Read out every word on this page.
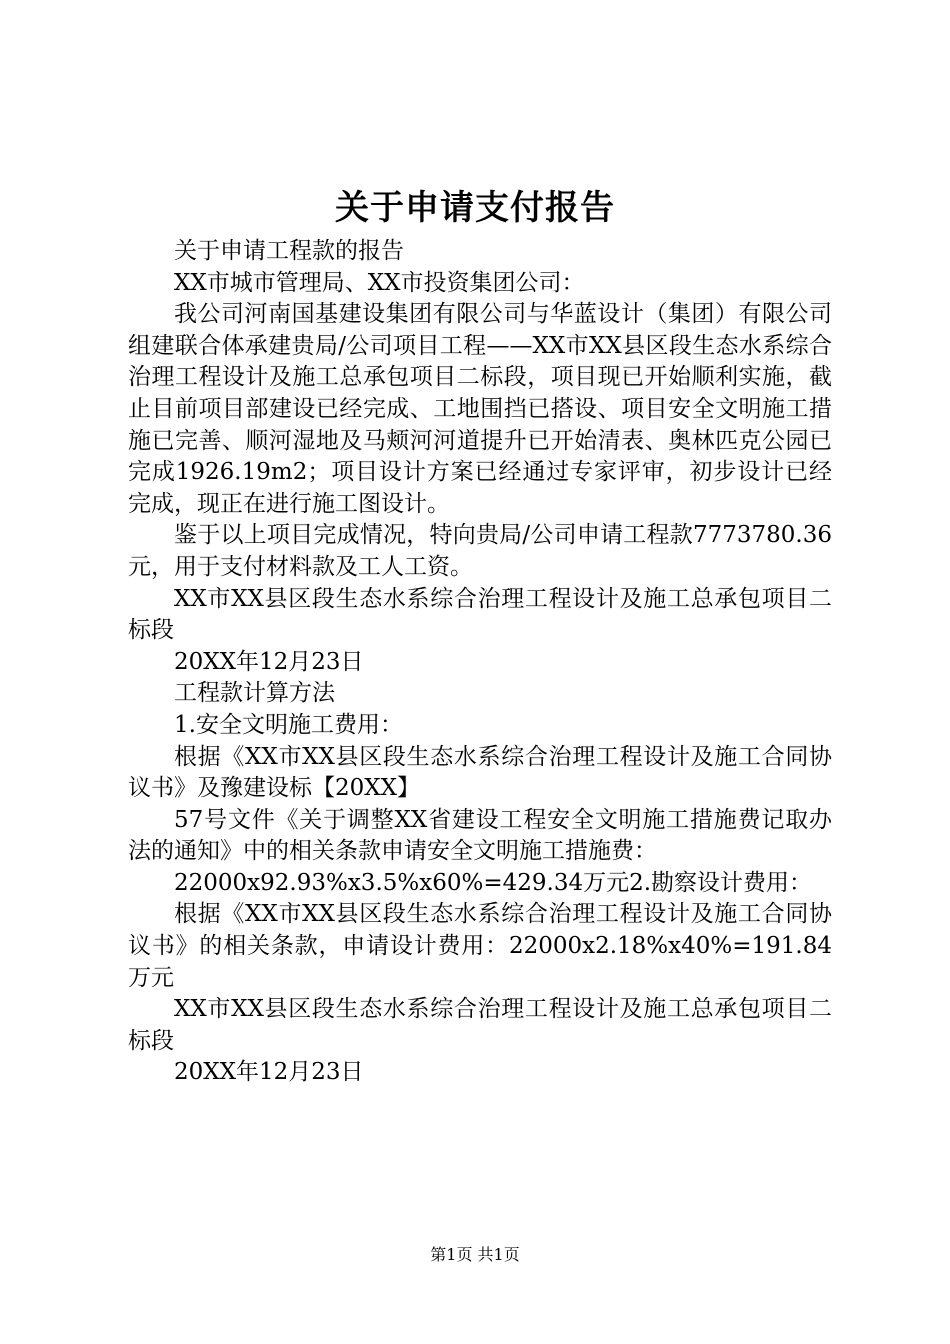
关于申请支付报告

关于申请工程款的报告

XX市城市管理局、XX市投资集团公司：

我公司河南国基建设集团有限公司与华蓝设计（集团）有限公司组建联合体承建贵局/公司项目工程——XX市XX县区段生态水系综合治理工程设计及施工总承包项目二标段，项目现已开始顺利实施，截止目前项目部建设已经完成、工地围挡已搭设、项目安全文明施工措施已完善、顺河湿地及马颊河河道提升已开始清表、奥林匹克公园已完成1926.19m2；项目设计方案已经通过专家评审，初步设计已经完成，现正在进行施工图设计。

鉴于以上项目完成情况，特向贵局/公司申请工程款7773780.36元，用于支付材料款及工人工资。

XX市XX县区段生态水系综合治理工程设计及施工总承包项目二标段

20XX年12月23日

工程款计算方法

1.安全文明施工费用：

根据《XX市XX县区段生态水系综合治理工程设计及施工合同协议书》及豫建设标【20XX】

57号文件《关于调整XX省建设工程安全文明施工措施费记取办法的通知》中的相关条款申请安全文明施工措施费：

22000x92.93%x3.5%x60%=429.34万元2.勘察设计费用：

根据《XX市XX县区段生态水系综合治理工程设计及施工合同协议书》的相关条款，申请设计费用：22000x2.18%x40%=191.84万元

XX市XX县区段生态水系综合治理工程设计及施工总承包项目二标段

20XX年12月23日

第1页 共1页
